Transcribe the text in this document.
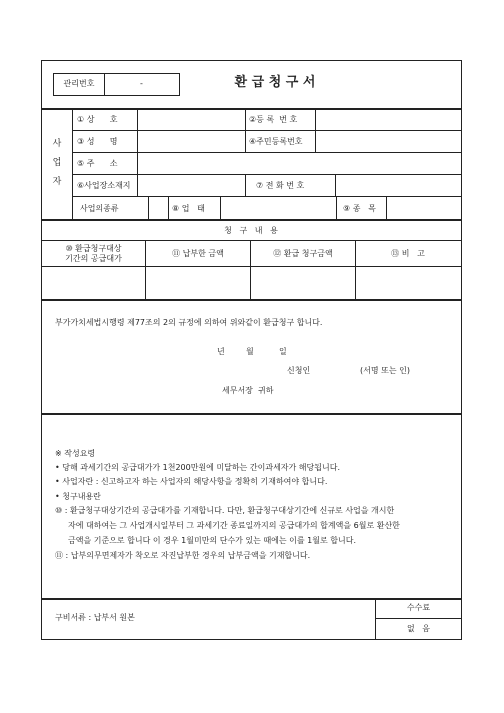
관리번호	-	환 급 청 구 서
사
업
자
① 상      호	②등 록  번 호
③ 성      명	④주민등록번호
⑤ 주      소
⑥사업장소재지	⑦ 전 화 번 호
사업의종류	⑧ 업   태	⑨ 종   목
청   구   내   용
⑩ 환급청구대상
기간의 공급대가
⑪ 납부한 금액	⑫ 환급 청구금액	⑬ 비   고
부가가치세법시행령 제77조의 2의 규정에 의하여 위와같이 환급청구 합니다.
년	월	일
신청인	(서명 또는 인)
세무서장  귀하
※ 작성요령
• 당해 과세기간의 공급대가가 1천200만원에 미달하는 간이과세자가 해당됩니다.
• 사업자란 : 신고하고자 하는 사업자의 해당사항을 정확히 기재하여야 합니다.
• 청구내용란
⑩ : 환급청구대상기간의 공급대가를 기재합니다. 다만, 환급청구대상기간에 신규로 사업을 개시한
자에 대하여는 그 사업개시일부터 그 과세기간 종료일까지의 공급대가의 합계액을 6월로 환산한
금액을 기준으로 합니다 이 경우 1월미만의 단수가 있는 때에는 이를 1월로 합니다.
⑪ : 납부의무면제자가 착오로 자진납부한 경우의 납부금액을 기재합니다.
구비서류 : 납부서 원본
수수료
없   음
